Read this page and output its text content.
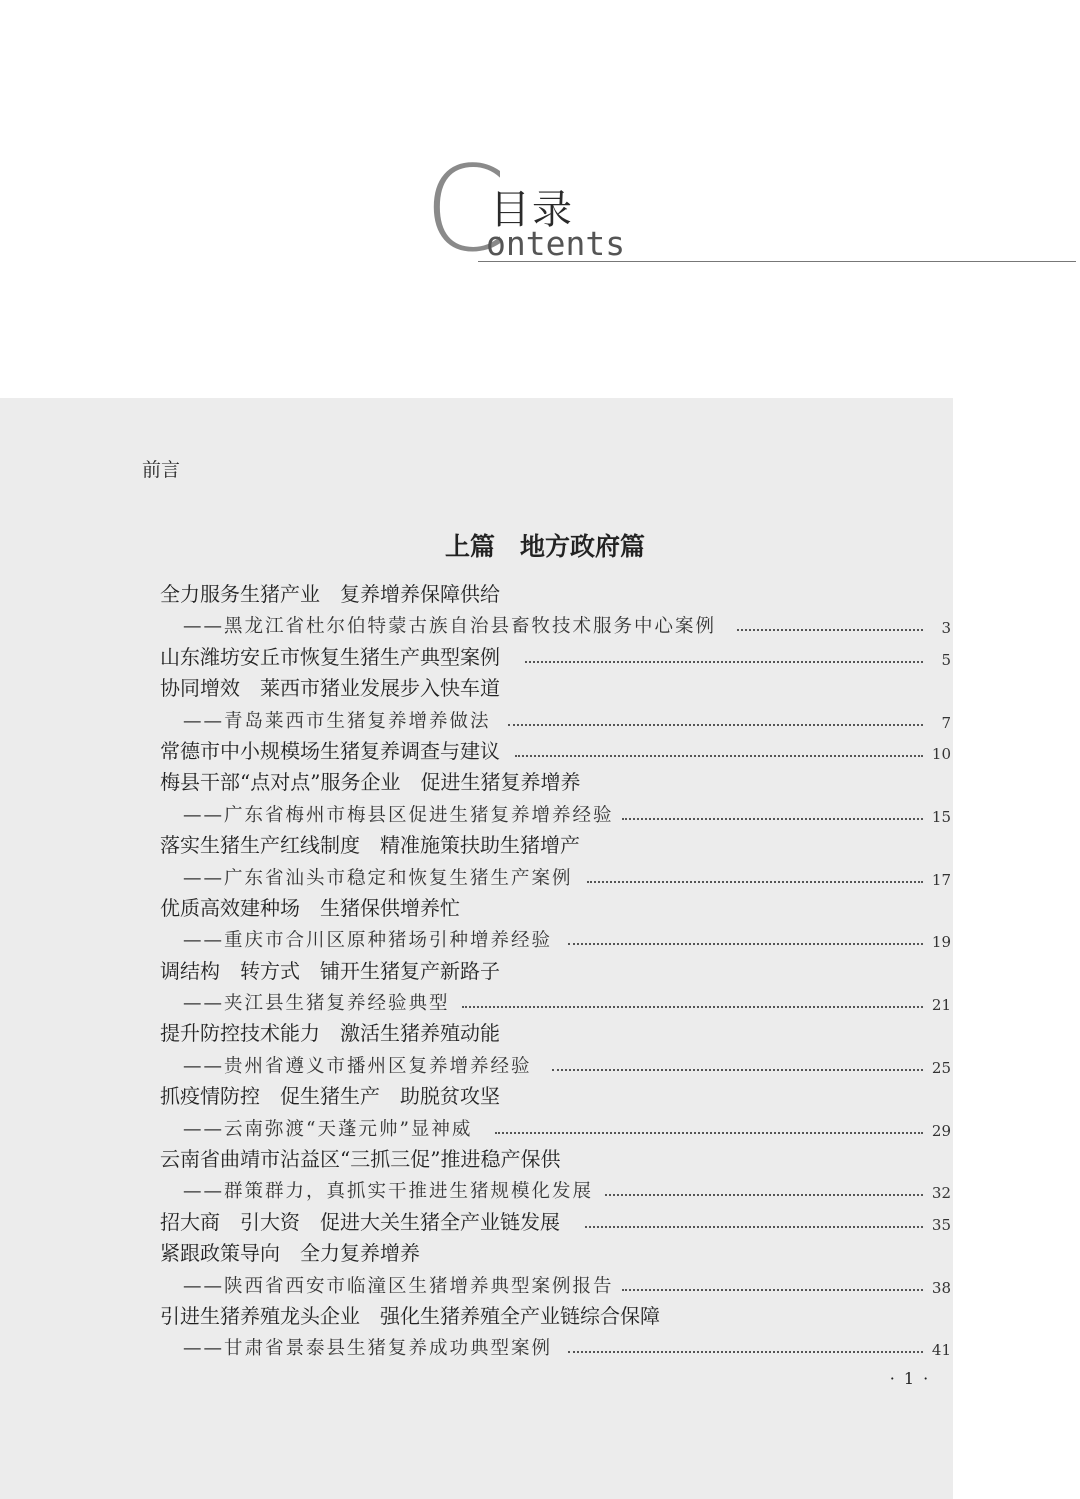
C
目录
ontents
前言
上篇　地方政府篇
全力服务生猪产业　复养增养保障供给
——黑龙江省杜尔伯特蒙古族自治县畜牧技术服务中心案例	3
山东潍坊安丘市恢复生猪生产典型案例	5
协同增效　莱西市猪业发展步入快车道
——青岛莱西市生猪复养增养做法	7
常德市中小规模场生猪复养调查与建议	10
梅县干部“点对点”服务企业　促进生猪复养增养
——广东省梅州市梅县区促进生猪复养增养经验	15
落实生猪生产红线制度　精准施策扶助生猪增产
——广东省汕头市稳定和恢复生猪生产案例	17
优质高效建种场　生猪保供增养忙
——重庆市合川区原种猪场引种增养经验	19
调结构　转方式　铺开生猪复产新路子
——夹江县生猪复养经验典型	21
提升防控技术能力　激活生猪养殖动能
——贵州省遵义市播州区复养增养经验	25
抓疫情防控　促生猪生产　助脱贫攻坚
——云南弥渡“天蓬元帅”显神威	29
云南省曲靖市沾益区“三抓三促”推进稳产保供
——群策群力，真抓实干推进生猪规模化发展	32
招大商　引大资　促进大关生猪全产业链发展	35
紧跟政策导向　全力复养增养
——陕西省西安市临潼区生猪增养典型案例报告	38
引进生猪养殖龙头企业　强化生猪养殖全产业链综合保障
——甘肃省景泰县生猪复养成功典型案例	41
· 1 ·
